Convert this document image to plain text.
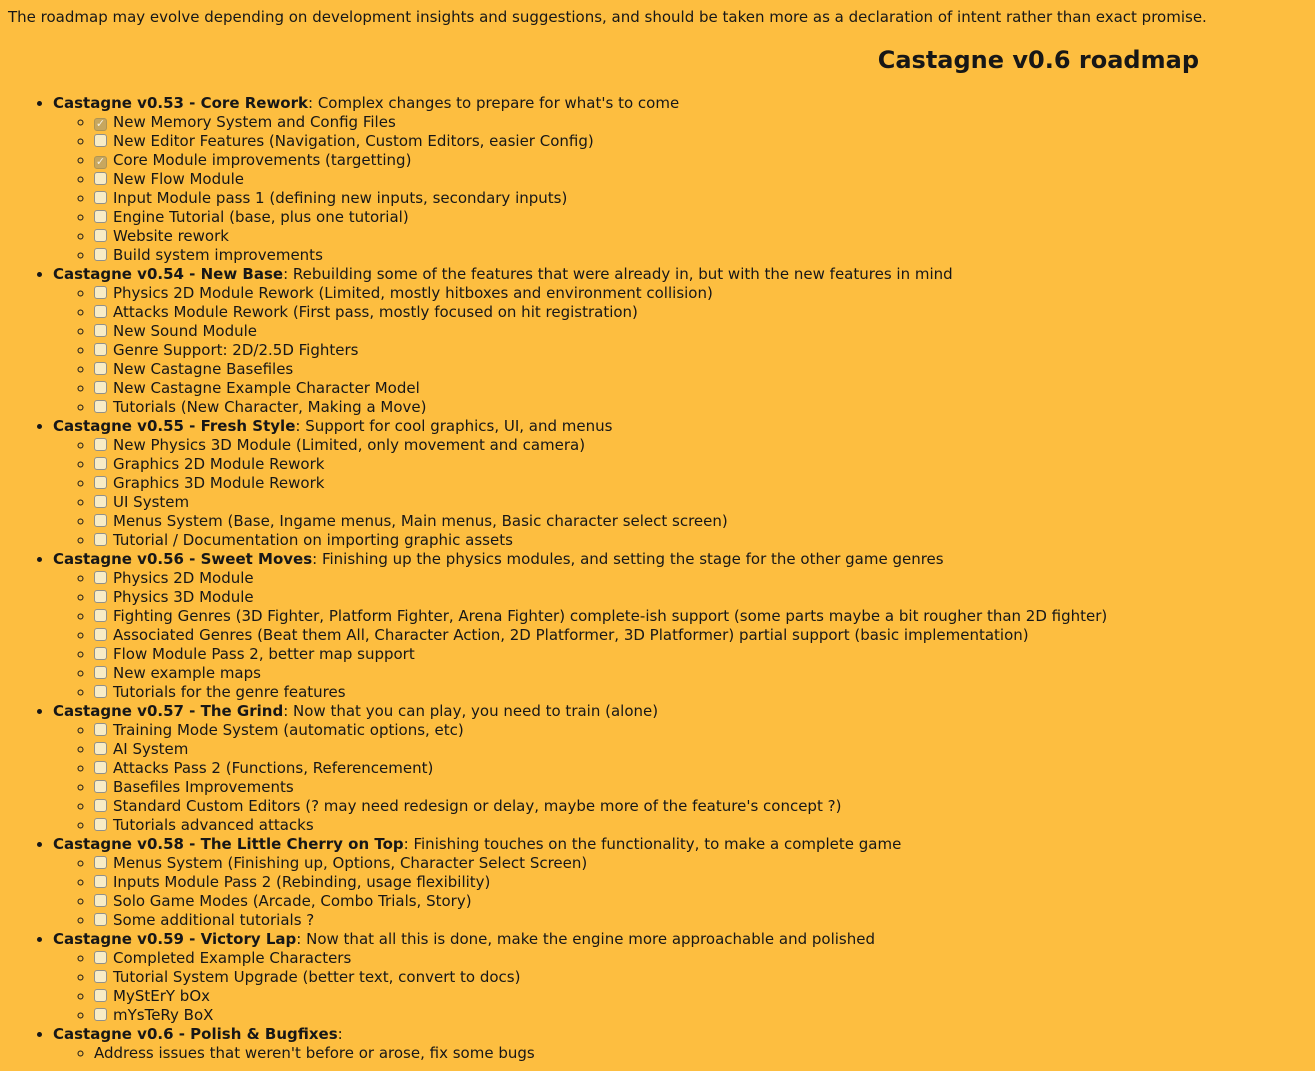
The roadmap may evolve depending on development insights and suggestions, and should be taken more as a declaration of intent rather than exact promise.

Castagne v0.6 roadmap
• Castagne v0.53 - Core Rework: Complex changes to prepare for what's to come
✓◦ New Memory System and Config Files
◦ New Editor Features (Navigation, Custom Editors, easier Config)
✓◦ Core Module improvements (targetting)
◦ New Flow Module
◦ Input Module pass 1 (defining new inputs, secondary inputs)
◦ Engine Tutorial (base, plus one tutorial)
◦ Website rework
◦ Build system improvements
• Castagne v0.54 - New Base: Rebuilding some of the features that were already in, but with the new features in mind
◦ Physics 2D Module Rework (Limited, mostly hitboxes and environment collision)
◦ Attacks Module Rework (First pass, mostly focused on hit registration)
◦ New Sound Module
◦ Genre Support: 2D/2.5D Fighters
◦ New Castagne Basefiles
◦ New Castagne Example Character Model
◦ Tutorials (New Character, Making a Move)
• Castagne v0.55 - Fresh Style: Support for cool graphics, UI, and menus
◦ New Physics 3D Module (Limited, only movement and camera)
◦ Graphics 2D Module Rework
◦ Graphics 3D Module Rework
◦ UI System
◦ Menus System (Base, Ingame menus, Main menus, Basic character select screen)
◦ Tutorial / Documentation on importing graphic assets
• Castagne v0.56 - Sweet Moves: Finishing up the physics modules, and setting the stage for the other game genres
◦ Physics 2D Module
◦ Physics 3D Module
◦ Fighting Genres (3D Fighter, Platform Fighter, Arena Fighter) complete-ish support (some parts maybe a bit rougher than 2D fighter)
◦ Associated Genres (Beat them All, Character Action, 2D Platformer, 3D Platformer) partial support (basic implementation)
◦ Flow Module Pass 2, better map support
◦ New example maps
◦ Tutorials for the genre features
• Castagne v0.57 - The Grind: Now that you can play, you need to train (alone)
◦ Training Mode System (automatic options, etc)
◦ AI System
◦ Attacks Pass 2 (Functions, Referencement)
◦ Basefiles Improvements
◦ Standard Custom Editors (? may need redesign or delay, maybe more of the feature's concept ?)
◦ Tutorials advanced attacks
• Castagne v0.58 - The Little Cherry on Top: Finishing touches on the functionality, to make a complete game
◦ Menus System (Finishing up, Options, Character Select Screen)
◦ Inputs Module Pass 2 (Rebinding, usage flexibility)
◦ Solo Game Modes (Arcade, Combo Trials, Story)
◦ Some additional tutorials ?
• Castagne v0.59 - Victory Lap: Now that all this is done, make the engine more approachable and polished
◦ Completed Example Characters
◦ Tutorial System Upgrade (better text, convert to docs)
◦ MyStErY bOx
◦ mYsTeRy BoX
• Castagne v0.6 - Polish & Bugfixes:
◦ Address issues that weren't before or arose, fix some bugs
